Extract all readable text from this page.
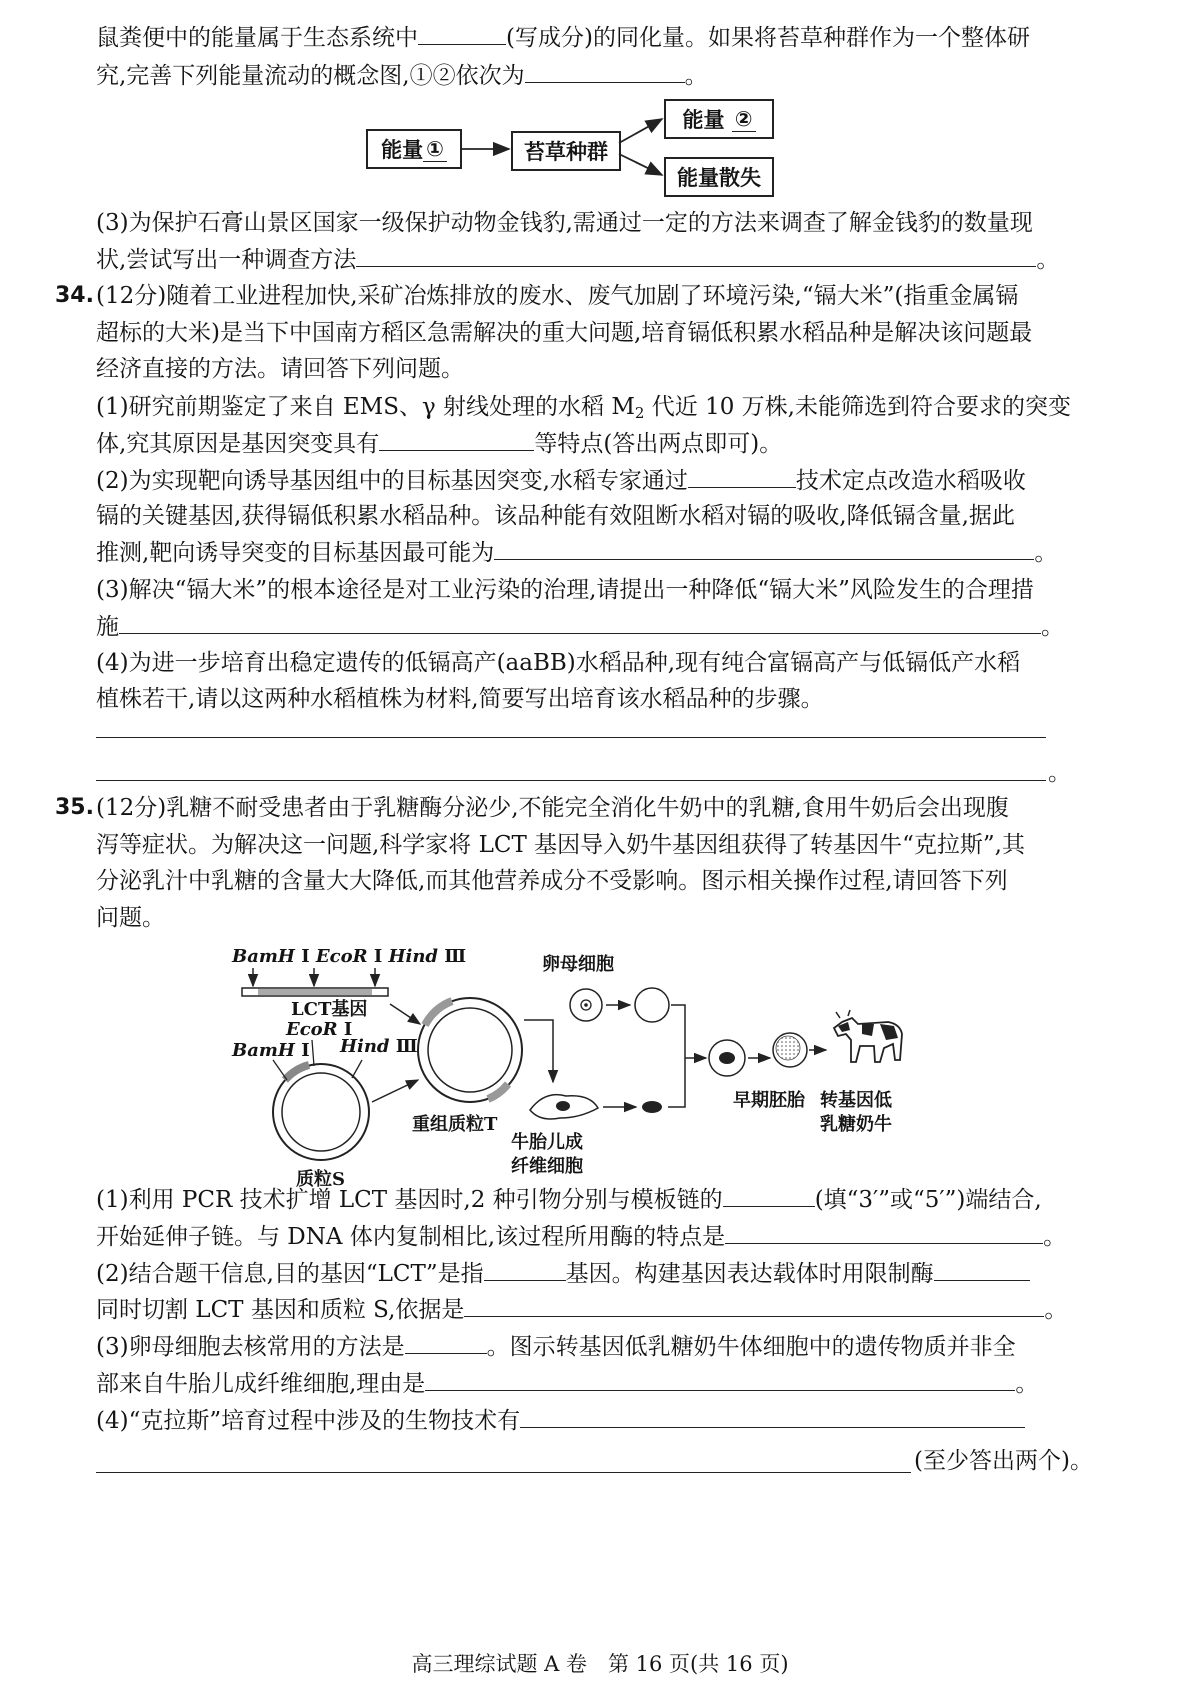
鼠粪便中的能量属于生态系统中	(写成分)的同化量。如果将苔草种群作为一个整体研
究,完善下列能量流动的概念图,①②依次为	。
能量 ①	苔草种群
能量
②
能量散失
(3)为保护石膏山景区国家一级保护动物金钱豹,需通过一定的方法来调查了解金钱豹的数量现
状,尝试写出一种调查方法	。
34. (12分)随着工业进程加快,采矿冶炼排放的废水、废气加剧了环境污染,“镉大米”(指重金属镉
超标的大米)是当下中国南方稻区急需解决的重大问题,培育镉低积累水稻品种是解决该问题最
经济直接的方法。请回答下列问题。
(1)研究前期鉴定了来自 EMS、γ 射线处理的水稻 $M_2$ 代近 10 万株,未能筛选到符合要求的突变
体,究其原因是基因突变具有	等特点(答出两点即可)。
(2)为实现靶向诱导基因组中的目标基因突变,水稻专家通过	技术定点改造水稻吸收
镉的关键基因,获得镉低积累水稻品种。该品种能有效阻断水稻对镉的吸收,降低镉含量,据此
推测,靶向诱导突变的目标基因最可能为	。
(3)解决“镉大米”的根本途径是对工业污染的治理,请提出一种降低“镉大米”风险发生的合理措
施	。
(4)为进一步培育出稳定遗传的低镉高产(aaBB)水稻品种,现有纯合富镉高产与低镉低产水稻
植株若干,请以这两种水稻植株为材料,简要写出培育该水稻品种的步骤。
。
35. (12分)乳糖不耐受患者由于乳糖酶分泌少,不能完全消化牛奶中的乳糖,食用牛奶后会出现腹
泻等症状。为解决这一问题,科学家将 LCT 基因导入奶牛基因组获得了转基因牛“克拉斯”,其
分泌乳汁中乳糖的含量大大降低,而其他营养成分不受影响。图示相关操作过程,请回答下列
问题。
BamH Ⅰ EcoR Ⅰ Hind Ⅲ
LCT基因
EcoR Ⅰ
BamH Ⅰ Hind Ⅲ
质粒S
重组质粒T
卵母细胞
牛胎儿成
纤维细胞
早期胚胎 转基因低
乳糖奶牛
(1)利用 PCR 技术扩增 LCT 基因时,2 种引物分别与模板链的	(填“3′”或“5′”)端结合,
开始延伸子链。与 DNA 体内复制相比,该过程所用酶的特点是	。
(2)结合题干信息,目的基因“LCT”是指	基因。构建基因表达载体时用限制酶
同时切割 LCT 基因和质粒 S,依据是	。
(3)卵母细胞去核常用的方法是	。图示转基因低乳糖奶牛体细胞中的遗传物质并非全
部来自牛胎儿成纤维细胞,理由是	。
(4)“克拉斯”培育过程中涉及的生物技术有
(至少答出两个)。
高三理综试题 A 卷　第 16 页(共 16 页)
